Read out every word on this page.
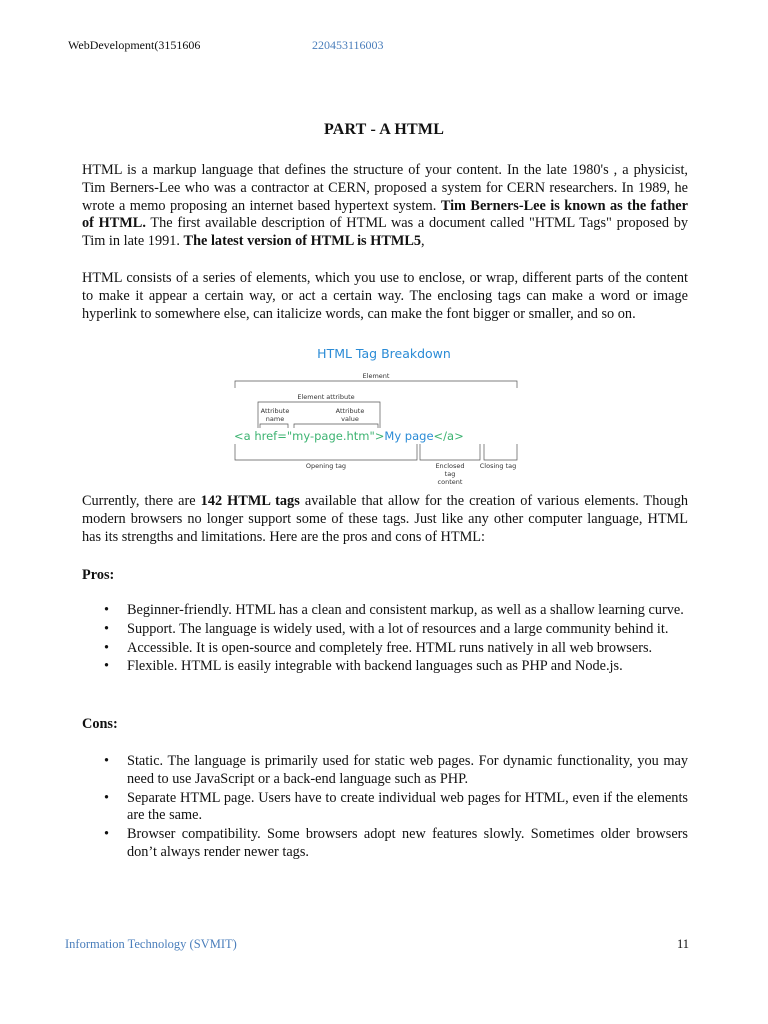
WebDevelopment(3151606	220453116003
PART - A HTML

HTML is a markup language that defines the structure of your content. In the late 1980's , a physicist, Tim Berners-Lee who was a contractor at CERN, proposed a system for CERN researchers. In 1989, he wrote a memo proposing an internet based hypertext system. Tim Berners-Lee is known as the father of HTML. The first available description of HTML was a document called "HTML Tags" proposed by Tim in late 1991. The latest version of HTML is HTML5,

HTML consists of a series of elements, which you use to enclose, or wrap, different parts of the content to make it appear a certain way, or act a certain way. The enclosing tags can make a word or image hyperlink to somewhere else, can italicize words, can make the font bigger or smaller, and so on.

HTML Tag Breakdown
Element
Element attribute
Attribute
name
Attribute
value
<a href="my-page.htm">My page</a>
Opening tag	Enclosed
tag
content
Closing tag

Currently, there are 142 HTML tags available that allow for the creation of various elements. Though modern browsers no longer support some of these tags. Just like any other computer language, HTML has its strengths and limitations. Here are the pros and cons of HTML:

Pros:
• Beginner-friendly. HTML has a clean and consistent markup, as well as a shallow learning curve.
• Support. The language is widely used, with a lot of resources and a large community behind it.
• Accessible. It is open-source and completely free. HTML runs natively in all web browsers.
• Flexible. HTML is easily integrable with backend languages such as PHP and Node.js.
Cons:
• Static. The language is primarily used for static web pages. For dynamic functionality, you may need to use JavaScript or a back-end language such as PHP.
• Separate HTML page. Users have to create individual web pages for HTML, even if the elements are the same.
• Browser compatibility. Some browsers adopt new features slowly. Sometimes older browsers don’t always render newer tags.
Information Technology (SVMIT)	11
